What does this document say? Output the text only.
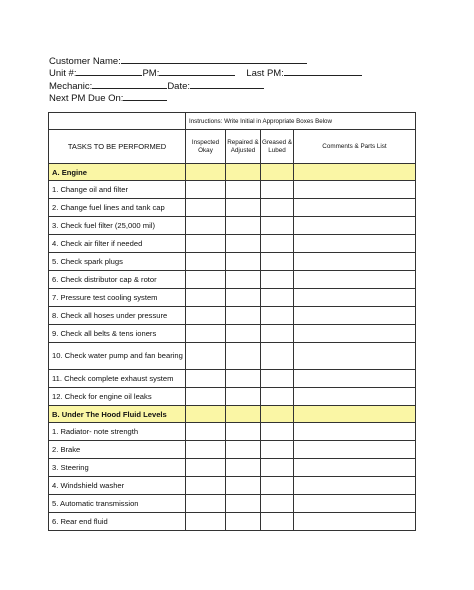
Customer Name:
Unit #:	PM:	Last PM:
Mechanic:	Date:
Next PM Due On:
	Instructions: Write Initial in Appropriate Boxes Below			
TASKS TO BE PERFORMED	Inspected Okay	Repaired & Adjusted	Greased & Lubed	Comments & Parts List
A. Engine				
1. Change oil and filter				
2. Change fuel lines and tank cap				
3. Check fuel filter (25,000 mil)				
4. Check air filter if needed				
5. Check spark plugs				
6. Check distributor cap & rotor				
7. Pressure test cooling system				
8. Check all hoses under pressure				
9. Check all belts & tens ioners				
10. Check water pump and fan bearing				
11. Check complete exhaust system				
12. Check for engine oil leaks				
B. Under The Hood Fluid Levels				
1. Radiator- note strength				
2. Brake				
3. Steering				
4. Windshield washer				
5. Automatic transmission				
6. Rear end fluid				
